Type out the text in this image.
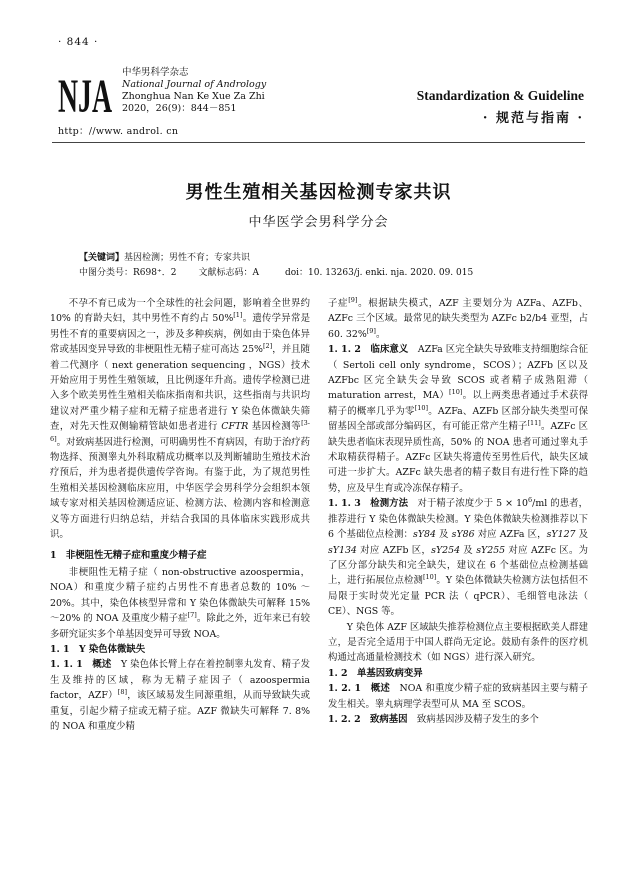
· 844 ·
NJA 中华男科学杂志
National Journal of Andrology
Zhonghua Nan Ke Xue Za Zhi
2020，26(9)：844－851
http：//www. androl. cn
Standardization & Guideline
· 规范与指南 ·
男性生殖相关基因检测专家共识
中华医学会男科学分会
【关键词】基因检测；男性不育；专家共识
中图分类号：R698⁺．2 文献标志码：A	doi：10. 13263/j. enki. nja. 2020. 09. 015

不孕不育已成为一个全球性的社会问题，影响着全世界约 10% 的育龄夫妇，其中男性不育约占 50%[1]。遗传学异常是男性不育的重要病因之一，涉及多种疾病，例如由于染色体异常或基因变异导致的非梗阻性无精子症可高达 25%[2]，并且随着二代测序（ next generation sequencing ，NGS）技术开始应用于男性生殖领域，且比例逐年升高。遗传学检测已进入多个欧美男性生殖相关临床指南和共识，这些指南与共识均建议对严重少精子症和无精子症患者进行 Y 染色体微缺失筛查，对先天性双侧输精管缺如患者进行 CFTR 基因检测等[3-6]。对致病基因进行检测，可明确男性不育病因，有助于治疗药物选择、预测睾丸外科取精成功概率以及判断辅助生殖技术治疗预后，并为患者提供遗传学咨询。有鉴于此，为了规范男性生殖相关基因检测临床应用，中华医学会男科学分会组织本领域专家对相关基因检测适应证、检测方法、检测内容和检测意义等方面进行归纳总结，并结合我国的具体临床实践形成共识。

1　非梗阻性无精子症和重度少精子症

非梗阻性无精子症（ non-obstructive azoospermia，NOA）和重度少精子症约占男性不育患者总数的 10% ～20%。其中，染色体核型异常和 Y 染色体微缺失可解释 15% ～20% 的 NOA 及重度少精子症[7]。除此之外，近年来已有较多研究证实多个单基因变异可导致 NOA。

1. 1　Y 染色体微缺失

1. 1. 1　概述　 Y 染色体长臂上存在着控制睾丸发育、精子发生及维持的区域，称为无精子症因子（ azoospermia factor，AZF）[8]，该区域易发生同源重组，从而导致缺失或重复，引起少精子症或无精子症。AZF 微缺失可解释 7. 8% 的 NOA 和重度少精

子症[9]。根据缺失模式，AZF 主要划分为 AZFa、AZFb、AZFc 三个区域。最常见的缺失类型为 AZFc b2/b4 亚型，占 60. 32%[9]。

1. 1. 2　临床意义　 AZFa 区完全缺失导致唯支持细胞综合征（ Sertoli cell only syndrome，SCOS）；AZFb 区以及 AZFbc 区完全缺失会导致 SCOS 或者精子成熟阻滞（ maturation arrest，MA）[10]。以上两类患者通过手术获得精子的概率几乎为零[10]。AZFa、AZFb 区部分缺失类型可保留基因全部或部分编码区，有可能正常产生精子[11]。AZFc 区缺失患者临床表现异质性高，50% 的 NOA 患者可通过睾丸手术取精获得精子。AZFc 区缺失将遗传至男性后代，缺失区域可进一步扩大。AZFc 缺失患者的精子数目有进行性下降的趋势，应及早生育或冷冻保存精子。

1. 1. 3　检测方法　 对于精子浓度少于 $5 \times 10^6/ml$ 的患者，推荐进行 Y 染色体微缺失检测。Y 染色体微缺失检测推荐以下 6 个基础位点检测：sY84 及 sY86 对应 AZFa 区，sY127 及 sY134 对应 AZFb 区，sY254 及 sY255 对应 AZFc 区。为了区分部分缺失和完全缺失，建议在 6 个基础位点检测基础上，进行拓展位点检测[10]。Y 染色体微缺失检测方法包括但不局限于实时荧光定量 PCR 法（ qPCR）、毛细管电泳法（ CE）、NGS 等。

Y 染色体 AZF 区域缺失推荐检测位点主要根据欧美人群建立，是否完全适用于中国人群尚无定论。鼓励有条件的医疗机构通过高通量检测技术（如 NGS）进行深入研究。

1. 2　单基因致病变异

1. 2. 1　概述　 NOA 和重度少精子症的致病基因主要与精子发生相关。睾丸病理学表型可从 MA 至 SCOS。

1. 2. 2　致病基因　 致病基因涉及精子发生的多个
